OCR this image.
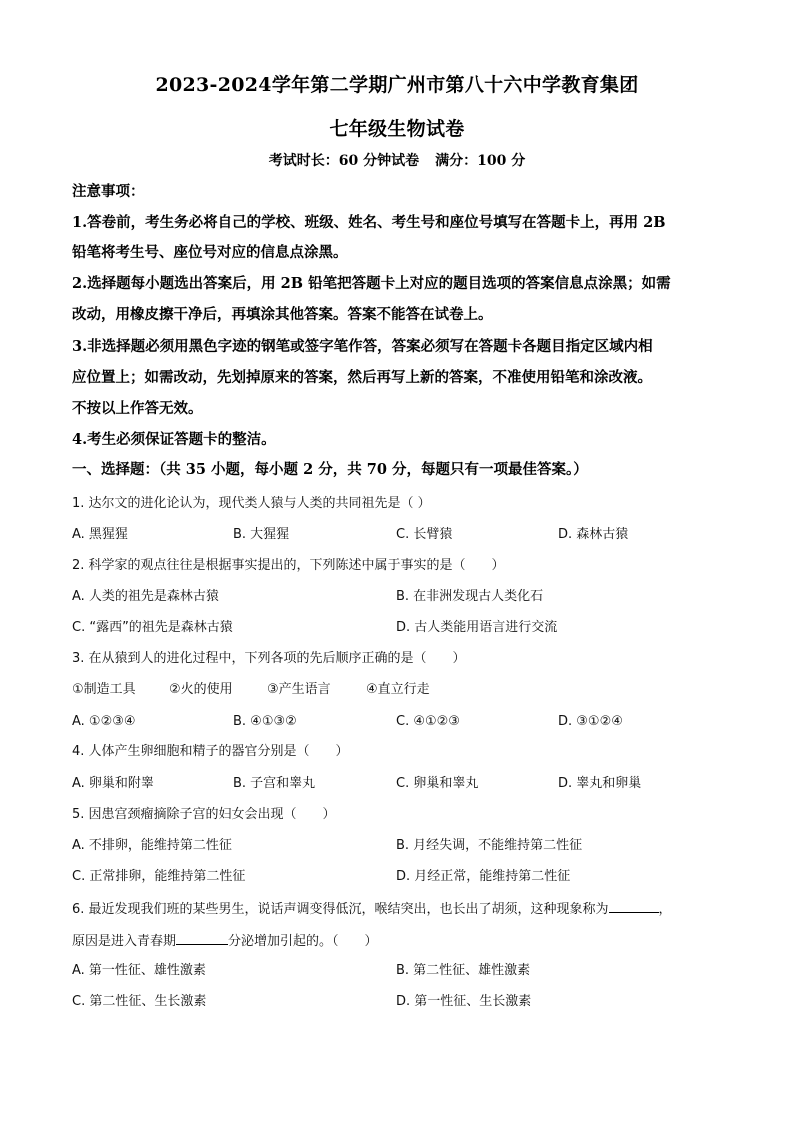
2023-2024学年第二学期广州市第八十六中学教育集团
七年级生物试卷
考试时长：60 分钟试卷 满分：100 分
注意事项：
1.答卷前，考生务必将自己的学校、班级、姓名、考生号和座位号填写在答题卡上，再用 2B
铅笔将考生号、座位号对应的信息点涂黑。
2.选择题每小题选出答案后，用 2B 铅笔把答题卡上对应的题目选项的答案信息点涂黑；如需
改动，用橡皮擦干净后，再填涂其他答案。答案不能答在试卷上。
3.非选择题必须用黑色字迹的钢笔或签字笔作答，答案必须写在答题卡各题目指定区域内相
应位置上；如需改动，先划掉原来的答案，然后再写上新的答案，不准使用铅笔和涂改液。
不按以上作答无效。
4.考生必须保证答题卡的整洁。
一、选择题：（共 35 小题，每小题 2 分，共 70 分，每题只有一项最佳答案。）
1. 达尔文的进化论认为，现代类人猿与人类的共同祖先是（ ）
A. 黑猩猩	B. 大猩猩	C. 长臂猿	D. 森林古猿
2. 科学家的观点往往是根据事实提出的，下列陈述中属于事实的是（　　）
A. 人类的祖先是森林古猿	B. 在非洲发现古人类化石
C. “露西”的祖先是森林古猿	D. 古人类能用语言进行交流
3. 在从猿到人的进化过程中，下列各项的先后顺序正确的是（　　）
①制造工具	②火的使用	③产生语言	④直立行走
A. ①②③④	B. ④①③②	C. ④①②③	D. ③①②④
4. 人体产生卵细胞和精子的器官分别是（　　）
A. 卵巢和附睾	B. 子宫和睾丸	C. 卵巢和睾丸	D. 睾丸和卵巢
5. 因患宫颈瘤摘除子宫的妇女会出现（　　）
A. 不排卵，能维持第二性征	B. 月经失调，不能维持第二性征
C. 正常排卵，能维持第二性征	D. 月经正常，能维持第二性征
6. 最近发现我们班的某些男生，说话声调变得低沉，喉结突出，也长出了胡须，这种现象称为	，
原因是进入青春期	分泌增加引起的。（　　）
A. 第一性征、雄性激素	B. 第二性征、雄性激素
C. 第二性征、生长激素	D. 第一性征、生长激素
